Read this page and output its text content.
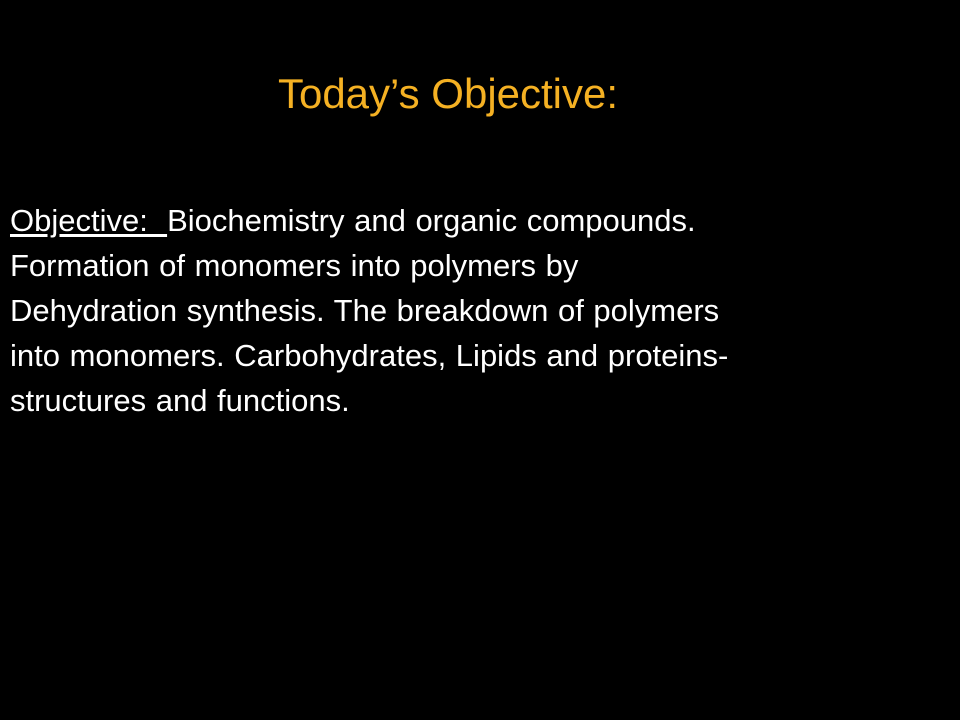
Today’s Objective:
Objective:  Biochemistry and organic compounds.
Formation of monomers into polymers by
Dehydration synthesis. The breakdown of polymers
into monomers. Carbohydrates, Lipids and proteins-
structures and functions.
